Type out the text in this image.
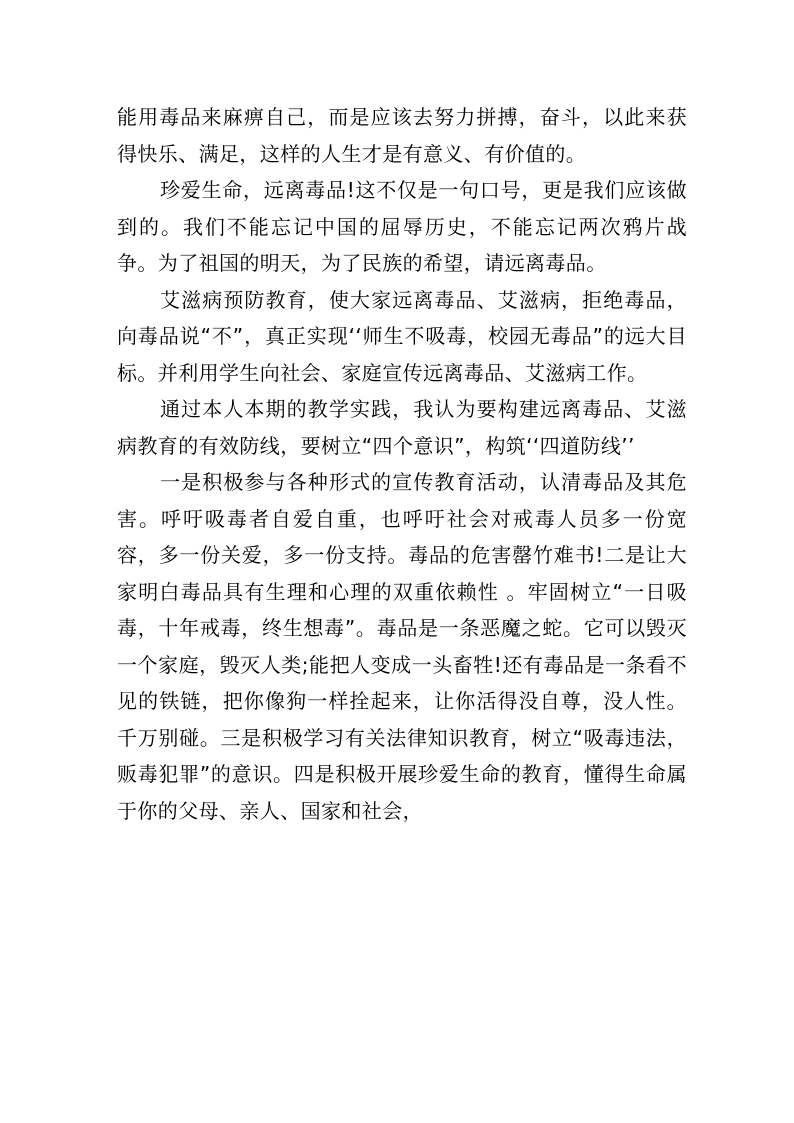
能用毒品来麻痹自己，而是应该去努力拼搏，奋斗，以此来获得快乐、满足，这样的人生才是有意义、有价值的。

珍爱生命，远离毒品!这不仅是一句口号，更是我们应该做到的。我们不能忘记中国的屈辱历史，不能忘记两次鸦片战争。为了祖国的明天，为了民族的希望，请远离毒品。

艾滋病预防教育，使大家远离毒品、艾滋病，拒绝毒品，向毒品说“不”，真正实现‘‘师生不吸毒，校园无毒品”的远大目标。并利用学生向社会、家庭宣传远离毒品、艾滋病工作。

通过本人本期的教学实践，我认为要构建远离毒品、艾滋病教育的有效防线，要树立“四个意识”，构筑‘‘四道防线’’

一是积极参与各种形式的宣传教育活动，认清毒品及其危害。呼吁吸毒者自爱自重，也呼吁社会对戒毒人员多一份宽容，多一份关爱，多一份支持。毒品的危害罄竹难书!二是让大家明白毒品具有生理和心理的双重依赖性 。牢固树立“一日吸毒，十年戒毒，终生想毒”。毒品是一条恶魔之蛇。它可以毁灭一个家庭，毁灭人类;能把人变成一头畜牲!还有毒品是一条看不见的铁链，把你像狗一样拴起来，让你活得没自尊，没人性。千万别碰。三是积极学习有关法律知识教育，树立“吸毒违法，贩毒犯罪”的意识。四是积极开展珍爱生命的教育，懂得生命属于你的父母、亲人、国家和社会，
